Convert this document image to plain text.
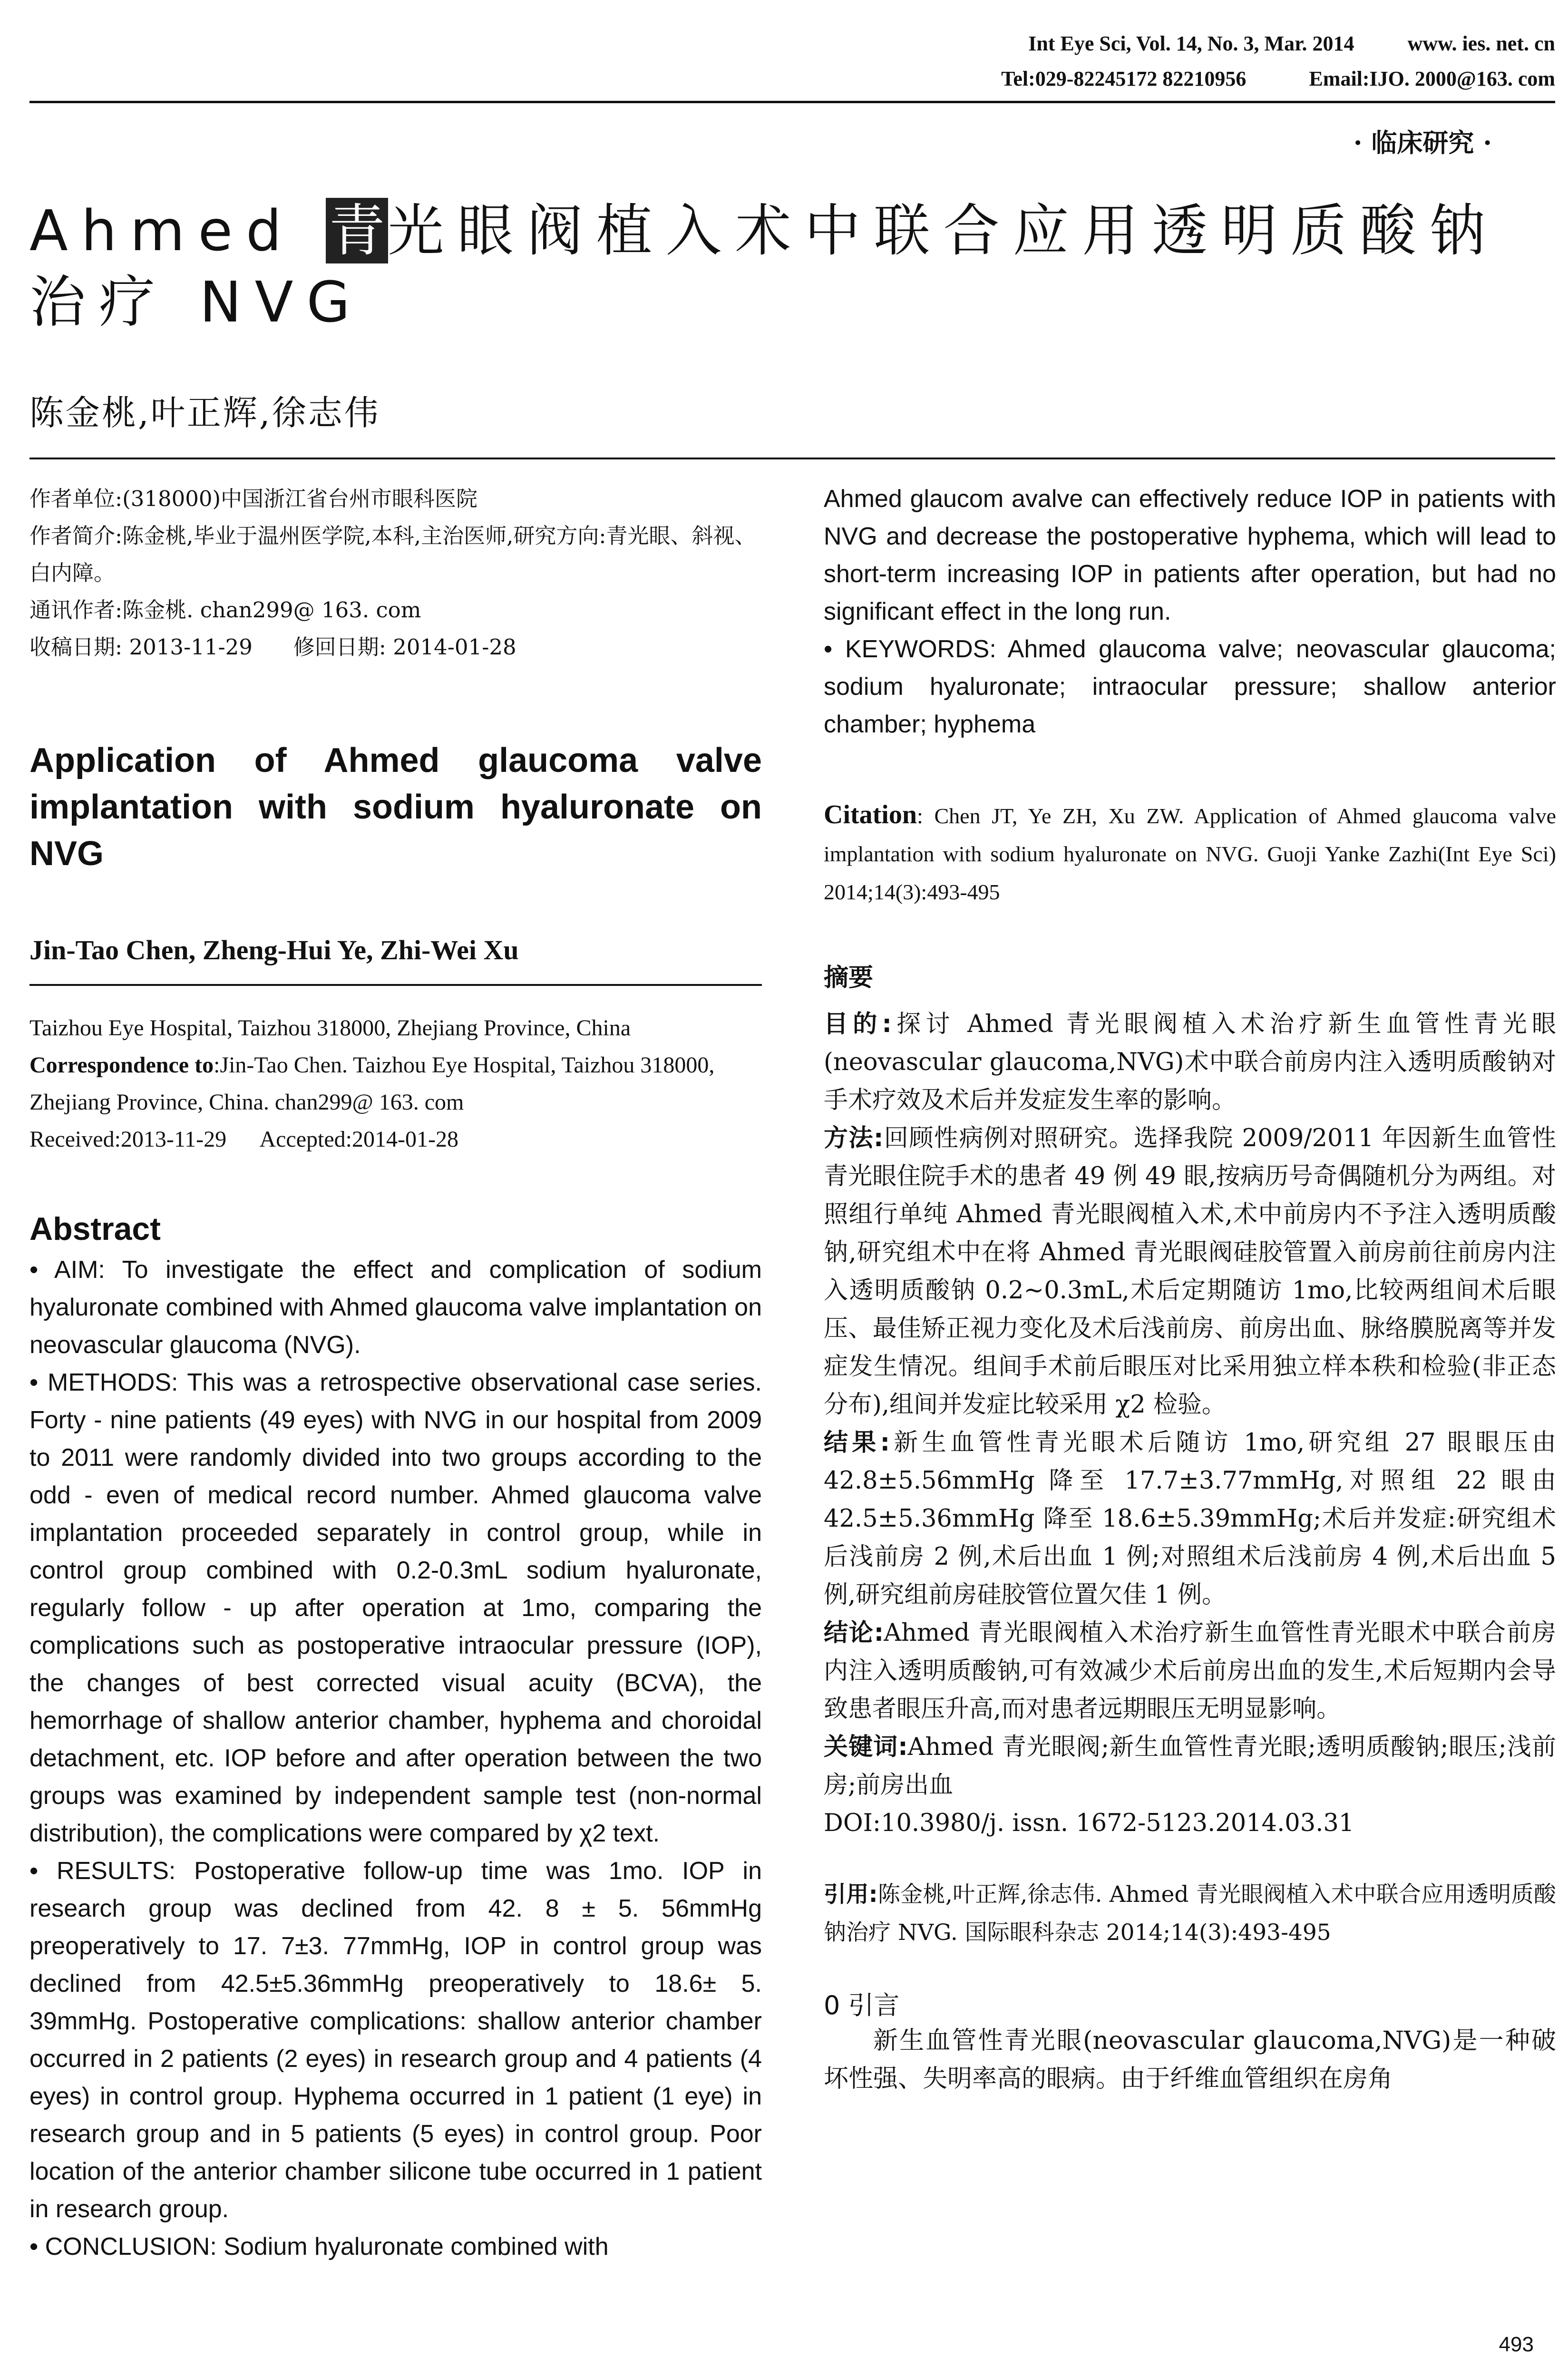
Int Eye Sci, Vol. 14, No. 3, Mar. 2014	www. ies. net. cn
Tel:029-82245172 82210956	Email:IJO. 2000@163. com
· 临床研究 ·
Ahmed 青光眼阀植入术中联合应用透明质酸钠治疗 NVG
陈金桃,叶正辉,徐志伟

作者单位:(318000)中国浙江省台州市眼科医院

作者简介:陈金桃,毕业于温州医学院,本科,主治医师,研究方向:青光眼、斜视、白内障。

通讯作者:陈金桃. chan299@ 163. com

收稿日期: 2013-11-29      修回日期: 2014-01-28

Application of Ahmed glaucoma valve implantation with sodium hyaluronate on NVG

Jin-Tao Chen, Zheng-Hui Ye, Zhi-Wei Xu

Taizhou Eye Hospital, Taizhou 318000, Zhejiang Province, China

Correspondence to:Jin-Tao Chen. Taizhou Eye Hospital, Taizhou 318000, Zhejiang Province, China. chan299@ 163. com

Received:2013-11-29      Accepted:2014-01-28

Abstract

• AIM: To investigate the effect and complication of sodium hyaluronate combined with Ahmed glaucoma valve implantation on neovascular glaucoma (NVG).

• METHODS: This was a retrospective observational case series. Forty - nine patients (49 eyes) with NVG in our hospital from 2009 to 2011 were randomly divided into two groups according to the odd - even of medical record number. Ahmed glaucoma valve implantation proceeded separately in control group, while in control group combined with 0.2-0.3mL sodium hyaluronate, regularly follow - up after operation at 1mo, comparing the complications such as postoperative intraocular pressure (IOP), the changes of best corrected visual acuity (BCVA), the hemorrhage of shallow anterior chamber, hyphema and choroidal detachment, etc. IOP before and after operation between the two groups was examined by independent sample test (non-normal distribution), the complications were compared by χ2 text.

• RESULTS: Postoperative follow-up time was 1mo. IOP in research group was declined from 42. 8 ± 5. 56mmHg preoperatively to 17. 7±3. 77mmHg, IOP in control group was declined from 42.5±5.36mmHg preoperatively to 18.6± 5. 39mmHg. Postoperative complications: shallow anterior chamber occurred in 2 patients (2 eyes) in research group and 4 patients (4 eyes) in control group. Hyphema occurred in 1 patient (1 eye) in research group and in 5 patients (5 eyes) in control group. Poor location of the anterior chamber silicone tube occurred in 1 patient in research group.

• CONCLUSION: Sodium hyaluronate combined with

Ahmed glaucom avalve can effectively reduce IOP in patients with NVG and decrease the postoperative hyphema, which will lead to short-term increasing IOP in patients after operation, but had no significant effect in the long run.

• KEYWORDS: Ahmed glaucoma valve; neovascular glaucoma; sodium hyaluronate; intraocular pressure; shallow anterior chamber; hyphema

Citation: Chen JT, Ye ZH, Xu ZW. Application of Ahmed glaucoma valve implantation with sodium hyaluronate on NVG. Guoji Yanke Zazhi(Int Eye Sci) 2014;14(3):493-495

摘要

目的:探讨 Ahmed 青光眼阀植入术治疗新生血管性青光眼(neovascular glaucoma,NVG)术中联合前房内注入透明质酸钠对手术疗效及术后并发症发生率的影响。

方法:回顾性病例对照研究。选择我院 2009/2011 年因新生血管性青光眼住院手术的患者 49 例 49 眼,按病历号奇偶随机分为两组。对照组行单纯 Ahmed 青光眼阀植入术,术中前房内不予注入透明质酸钠,研究组术中在将 Ahmed 青光眼阀硅胶管置入前房前往前房内注入透明质酸钠 0.2~0.3mL,术后定期随访 1mo,比较两组间术后眼压、最佳矫正视力变化及术后浅前房、前房出血、脉络膜脱离等并发症发生情况。组间手术前后眼压对比采用独立样本秩和检验(非正态分布),组间并发症比较采用 χ2 检验。

结果:新生血管性青光眼术后随访 1mo,研究组 27 眼眼压由 42.8±5.56mmHg 降至 17.7±3.77mmHg,对照组 22 眼由 42.5±5.36mmHg 降至 18.6±5.39mmHg;术后并发症:研究组术后浅前房 2 例,术后出血 1 例;对照组术后浅前房 4 例,术后出血 5 例,研究组前房硅胶管位置欠佳 1 例。

结论:Ahmed 青光眼阀植入术治疗新生血管性青光眼术中联合前房内注入透明质酸钠,可有效减少术后前房出血的发生,术后短期内会导致患者眼压升高,而对患者远期眼压无明显影响。

关键词:Ahmed 青光眼阀;新生血管性青光眼;透明质酸钠;眼压;浅前房;前房出血

DOI:10.3980/j. issn. 1672-5123.2014.03.31

引用:陈金桃,叶正辉,徐志伟. Ahmed 青光眼阀植入术中联合应用透明质酸钠治疗 NVG. 国际眼科杂志 2014;14(3):493-495
0 引言

新生血管性青光眼(neovascular glaucoma,NVG)是一种破坏性强、失明率高的眼病。由于纤维血管组织在房角

493
